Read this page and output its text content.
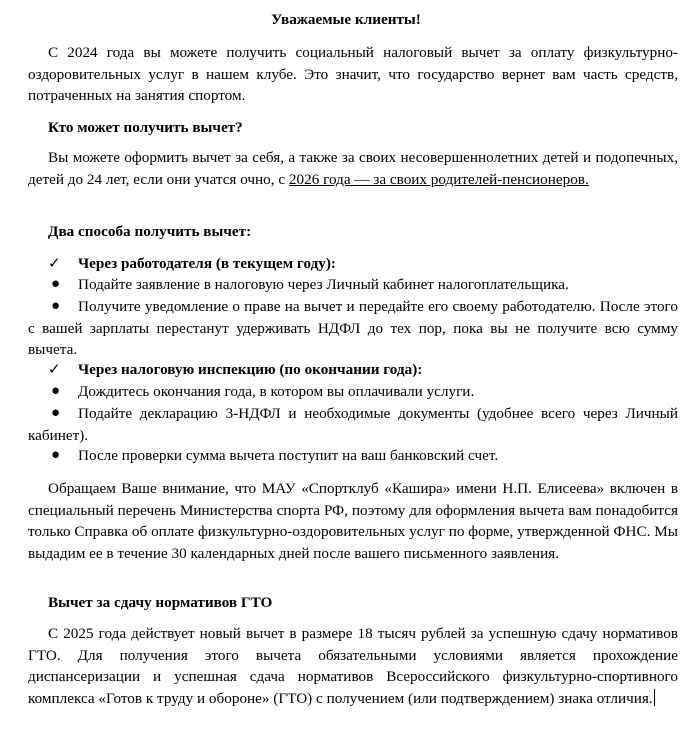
Уважаемые клиенты!

С 2024 года вы можете получить социальный налоговый вычет за оплату физкультурно-оздоровительных услуг в нашем клубе. Это значит, что государство вернет вам часть средств, потраченных на занятия спортом.

Кто может получить вычет?

Вы можете оформить вычет за себя, а также за своих несовершеннолетних детей и подопечных, детей до 24 лет, если они учатся очно, с 2026 года — за своих родителей-пенсионеров.

Два способа получить вычет:

✓	Через работодателя (в текущем году):
● Подайте заявление в налоговую через Личный кабинет налогоплательщика.
● Получите уведомление о праве на вычет и передайте его своему работодателю. После этого с вашей зарплаты перестанут удерживать НДФЛ до тех пор, пока вы не получите всю сумму вычета.
✓	Через налоговую инспекцию (по окончании года):
● Дождитесь окончания года, в котором вы оплачивали услуги.
● Подайте декларацию 3-НДФЛ и необходимые документы (удобнее всего через Личный кабинет).
● После проверки сумма вычета поступит на ваш банковский счет.

Обращаем Ваше внимание, что МАУ «Спортклуб «Кашира» имени Н.П. Елисеева» включен в специальный перечень Министерства спорта РФ, поэтому для оформления вычета вам понадобится только Справка об оплате физкультурно-оздоровительных услуг по форме, утвержденной ФНС. Мы выдадим ее в течение 30 календарных дней после вашего письменного заявления.

Вычет за сдачу нормативов ГТО

С 2025 года действует новый вычет в размере 18 тысяч рублей за успешную сдачу нормативов ГТО. Для получения этого вычета обязательными условиями является прохождение диспансеризации и успешная сдача нормативов Всероссийского физкультурно-спортивного комплекса «Готов к труду и обороне» (ГТО) с получением (или подтверждением) знака отличия.
